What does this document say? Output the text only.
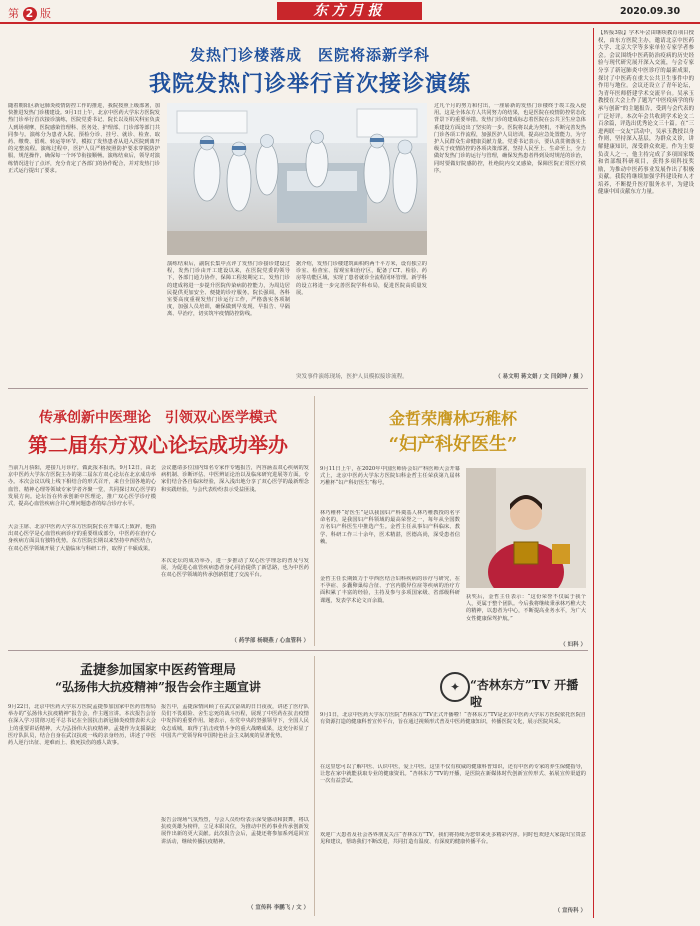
第 2 版	东方月报	2020.09.30
发热门诊楼落成　医院将添新学科
我院发热门诊举行首次接诊演练
随着朝阳区新冠肺炎疫情防控工作的推进，我院按照上级部署，加快推进发热门诊楼建设。9月1日上午，北京中医药大学东方医院发热门诊举行首次接诊演练，医院党委书记、院长以及相关科室负责人到场观摩，医院感染管理科、医务处、护理部、门诊部等部门共同参与。演练分为患者入院、预检分诊、挂号、就诊、检查、取药、缴费、留观、转运等环节，模拟了发热患者从进入医院到离开的完整流程。演练过程中，医护人员严格按照防护要求穿脱防护服，规范操作，确保每一个环节衔接顺畅。演练结束后，领导对演练情况进行了点评，充分肯定了各部门的协作配合，并对发热门诊正式运行提出了要求。
演练结束后，副院长集中点评了发热门诊接诊建设过程，发热门诊由开工建设以来，在医院党委的领导下，各部门通力协作，保障工程按期完工。发热门诊的建成将进一步提升医院传染病防控能力，为周边居民提供更加安全、便捷的诊疗服务。院长强调，各科室要高度重视发热门诊运行工作，严格落实各项制度，加强人员培训，确保做到早发现、早报告、早隔离、早治疗，切实筑牢疫情防控防线。
据介绍，发热门诊楼建筑面积约两千平方米，设有独立的诊室、检查室、留观室和治疗区，配备了CT、检验、药房等功能区域，实现了患者就诊全流程闭环管理。新学科的设立将进一步完善医院学科布局，促进医院高质量发展。
突发事件演练现场，医护人员模拟接诊流程。
过凡个月的努力和付出，一座崭新的发热门诊楼终于竣工投入使用。这是全体东方人共同努力的结果，也是医院在疫情防控常态化背景下的重要举措。发热门诊的建成标志着医院在公共卫生应急体系建设方面迈出了坚实的一步。医院将以此为契机，不断完善发热门诊各项工作流程，加强医护人员培训，提高应急处置能力，为守护人民群众生命健康贡献力量。党委书记表示，要认真贯彻落实上级关于疫情防控的各项决策部署，坚持人民至上、生命至上，全力做好发热门诊的运行与管理，确保发热患者得到及时规范的诊治，同时要做好院感防控，杜绝院内交叉感染，保障医院正常医疗秩序。
（ 易文明 蒋文娟 / 文 闫剑坤 / 摄 ）
传承创新中医理论　引领双心医学模式
第二届东方双心论坛成功举办
当前九月骄阳，迎接九月诊疗，做此报本报讯，9月12日，由北京中医药大学东方医院主办的第二届东方双心论坛在北京成功举办。本次会议以线上线下相结合的形式召开，来自全国各地的心血管、精神心理等领域专家学者齐聚一堂，共同探讨双心医学的发展方向。论坛旨在传承创新中医理论，推广双心医学诊疗模式，提高心血管疾病合并心理问题患者的综合诊疗水平。
大会主席、北京中医药大学东方医院院长在开幕式上致辞，他指出双心医学是心血管疾病诊疗的重要组成部分，中医药在治疗心身疾病方面具有独特优势。东方医院长期以来坚持中西医结合，在双心医学领域开展了大量临床与科研工作，取得了丰硕成果。
会议邀请多位国内知名专家作专题报告，内容涵盖双心疾病的发病机制、诊断评估、中医辨证论治以及临床研究进展等方面。专家们结合各自临床经验，深入浅出地分享了双心医学的最新理念和实践经验，与会代表纷纷表示受益匪浅。
本次论坛的成功举办，进一步推动了双心医学理念的普及与发展，为促进心血管疾病患者身心同治提供了新思路，也为中医药在双心医学领域的传承创新搭建了交流平台。
（ 药学部 杨晓燕 / 心血管科 ）
金哲荣膺林巧稚杯
“妇产科好医生”
9月11日上午，在2020年中国医师协会妇产科医师大会开幕式上，北京中医药大学东方医院妇科金哲主任荣获第九届林巧稚杯“妇产科好医生”称号。
林巧稚杯“好医生”是以我国妇产科奠基人林巧稚教授的名字命名的，是我国妇产科领域的最高荣誉之一，每年从全国数万名妇产科医生中推选产生。金哲主任从事妇产科临床、教学、科研工作三十余年，医术精湛，医德高尚，深受患者信赖。
金哲主任长期致力于中西医结合妇科疾病的诊疗与研究，在不孕症、多囊卵巢综合征、子宫内膜异位症等疾病的治疗方面积累了丰富的经验，主持及参与多项国家级、省部级科研课题，发表学术论文百余篇。
获奖后，金哲主任表示：“这份荣誉不仅属于我个人，更属于整个团队。今后我将继续秉承林巧稚大夫的精神，以患者为中心，不断提高业务水平，为广大女性健康保驾护航。”
（ 妇科 ）
孟捷参加国家中医药管理局
“弘扬伟大抗疫精神”报告会作主题宣讲
9月22日，北京中医药大学东方医院孟捷参加国家中医药管理局举办的“弘扬伟大抗疫精神”报告会，作主题宣讲。本次报告会旨在深入学习贯彻习近平总书记在全国抗击新冠肺炎疫情表彰大会上的重要讲话精神，大力弘扬伟大抗疫精神。孟捷作为支援湖北医疗队队员，结合自身在武汉抗疫一线的亲身经历，讲述了中医药人逆行出征、迎难而上、救死扶伤的感人故事。
报告中，孟捷深情回顾了在武汉奋战的日日夜夜，讲述了医疗队员们不畏艰险、舍生忘死的战斗历程，展现了中医药在抗击疫情中发挥的重要作用。她表示，在党中央的坚强领导下，全国人民众志成城，取得了抗击疫情斗争的重大战略成果，这充分彰显了中国共产党领导和中国特色社会主义制度的显著优势。
报告会现场气氛热烈，与会人员纷纷表示深受感动和鼓舞，将以抗疫英雄为榜样，立足本职岗位，为推动中医药事业传承创新发展作出新的更大贡献。此次报告会后，孟捷还将参加系列巡回宣讲活动，继续传播抗疫精神。
（ 宣传科 李鹏飞 / 文 ）
✦ “杏林东方”TV 开播啦
9月1日，北京中医药大学东方医院“杏林东方”TV正式开播啦！“杏林东方”TV是北京中医药大学东方医院依托医院自有资源打造的健康科普宣传平台，旨在通过视频形式普及中医药健康知识，传播医院文化，展示医院风采。
在这里您可以了解中医、认识中医，爱上中医。这里不仅有权威的健康科普知识，还有中医药专家的养生保健指导，让您在家中就能获取专业的健康资讯。“杏林东方”TV的开播，是医院在新媒体时代创新宣传形式、拓展宣传渠道的一次有益尝试。
欢迎广大患者及社会各界朋友关注“杏林东方”TV，我们将持续为您带来更多精彩内容。同时也欢迎大家提出宝贵意见和建议，帮助我们不断改进，共同打造有温度、有深度的健康传播平台。
（ 宣传科 ）
【转接3版】学术年会由继续教育项目授权，由东方医院主办，邀请北京中医药大学、北京大学等多家单位专家学者参会。会议围绕中医药防治疫病的历史经验与现代研究展开深入交流，与会专家分享了新冠肺炎中医诊疗的最新成果，探讨了中医药在重大公共卫生事件中的作用与地位。会议还设立了青年论坛，为青年医师搭建学术交流平台。吴承玉教授在大会上作了题为“中医疫病学的传承与创新”的主题报告，受到与会代表的广泛好评。本次年会共收到学术论文二百余篇，评选出优秀论文三十篇。在“三进两联一交友”活动中，吴承玉教授以身作则，坚持深入基层，为群众义诊，讲解健康知识，深受群众欢迎。作为主要负责人之一，他主持完成了多项国家级和省部级科研项目，获得多项科技奖励，为推动中医药事业发展作出了积极贡献。我院将继续加强学科建设和人才培养，不断提升医疗服务水平，为建设健康中国贡献东方力量。
